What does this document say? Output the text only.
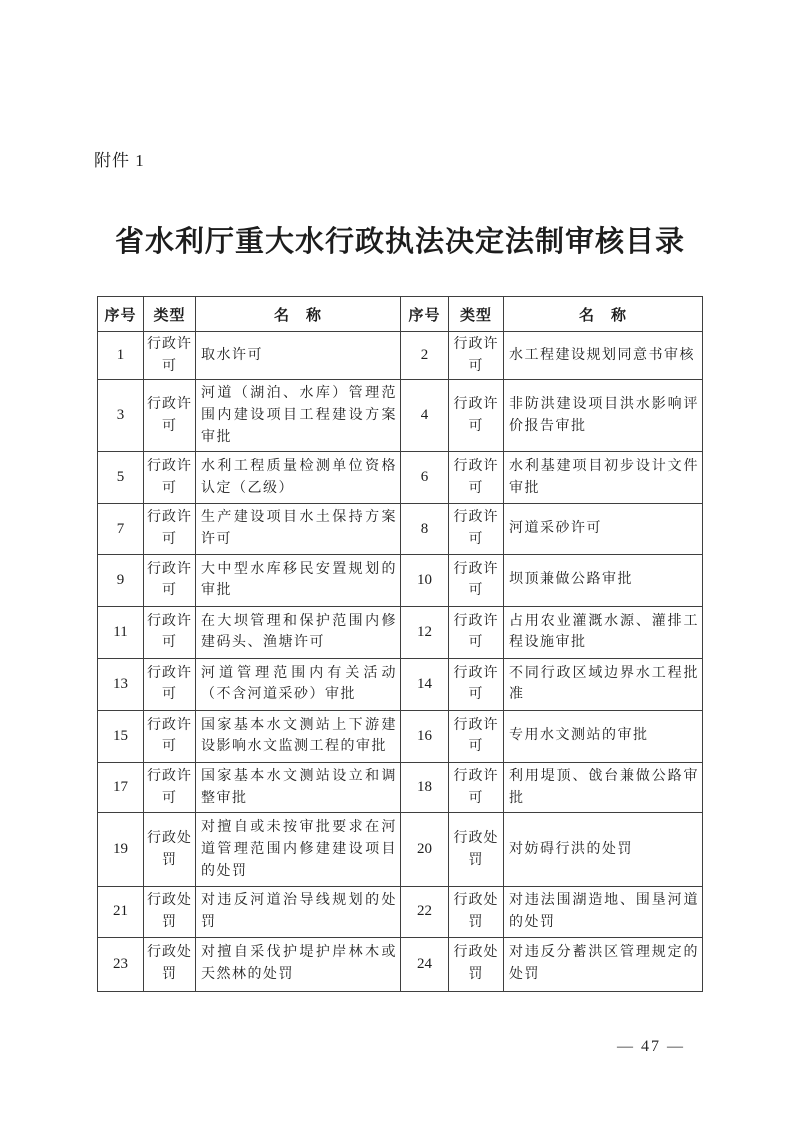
附件 1
省水利厅重大水行政执法决定法制审核目录
序号	类型	名　称	序号	类型	名　称
1	行政许可	取水许可	2	行政许可	水工程建设规划同意书审核
3	行政许可	河道（湖泊、水库）管理范围内建设项目工程建设方案审批	4	行政许可	非防洪建设项目洪水影响评价报告审批
5	行政许可	水利工程质量检测单位资格认定（乙级）	6	行政许可	水利基建项目初步设计文件审批
7	行政许可	生产建设项目水土保持方案许可	8	行政许可	河道采砂许可
9	行政许可	大中型水库移民安置规划的审批	10	行政许可	坝顶兼做公路审批
11	行政许可	在大坝管理和保护范围内修建码头、渔塘许可	12	行政许可	占用农业灌溉水源、灌排工程设施审批
13	行政许可	河道管理范围内有关活动（不含河道采砂）审批	14	行政许可	不同行政区域边界水工程批准
15	行政许可	国家基本水文测站上下游建设影响水文监测工程的审批	16	行政许可	专用水文测站的审批
17	行政许可	国家基本水文测站设立和调整审批	18	行政许可	利用堤顶、戗台兼做公路审批
19	行政处罚	对擅自或未按审批要求在河道管理范围内修建建设项目的处罚	20	行政处罚	对妨碍行洪的处罚
21	行政处罚	对违反河道治导线规划的处罚	22	行政处罚	对违法围湖造地、围垦河道的处罚
23	行政处罚	对擅自采伐护堤护岸林木或天然林的处罚	24	行政处罚	对违反分蓄洪区管理规定的处罚
— 47 —
